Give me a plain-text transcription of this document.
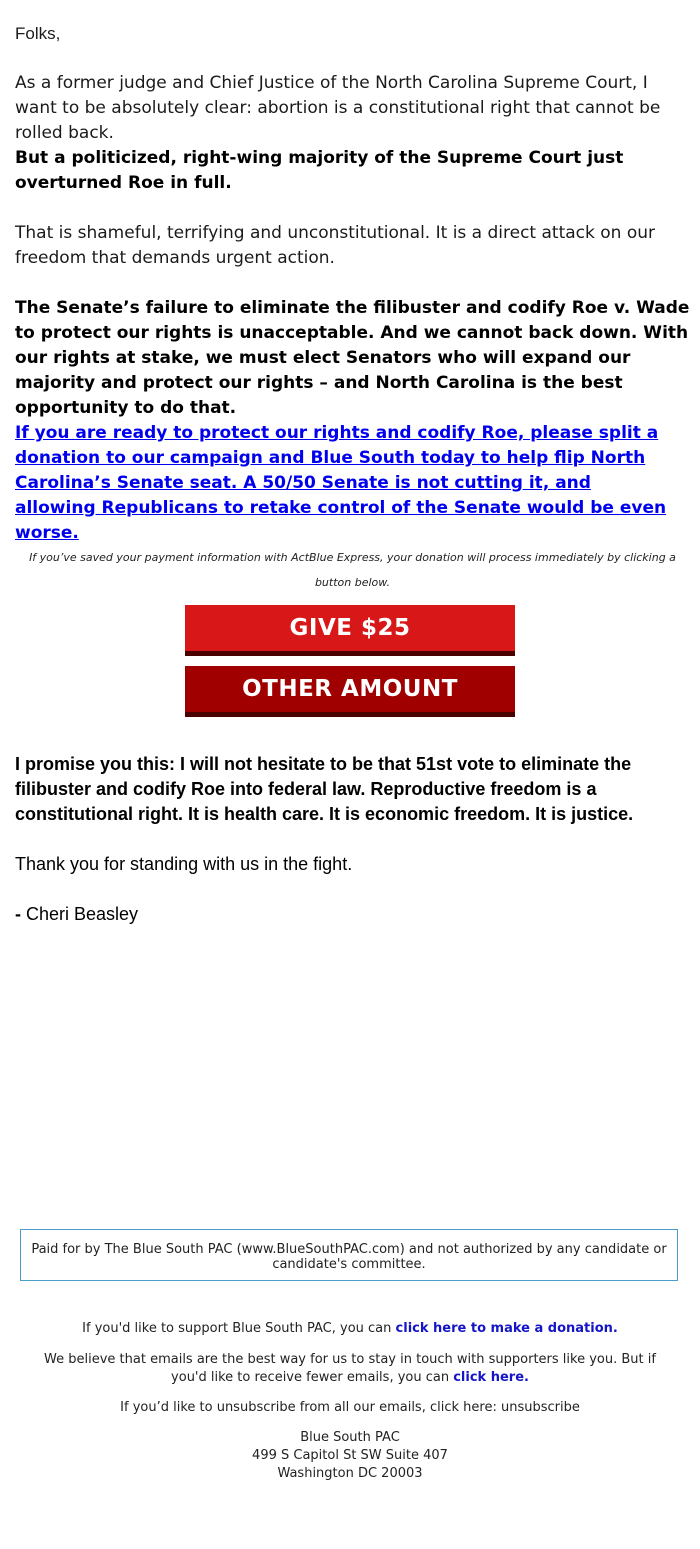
Folks,

As a former judge and Chief Justice of the North Carolina Supreme Court, I want to be absolutely clear: abortion is a constitutional right that cannot be rolled back.

But a politicized, right-wing majority of the Supreme Court just overturned Roe in full.

That is shameful, terrifying and unconstitutional. It is a direct attack on our freedom that demands urgent action.

The Senate’s failure to eliminate the filibuster and codify Roe v. Wade to protect our rights is unacceptable. And we cannot back down. With our rights at stake, we must elect Senators who will expand our majority and protect our rights – and North Carolina is the best opportunity to do that.

If you are ready to protect our rights and codify Roe, please split a donation to our campaign and Blue South today to help flip North Carolina’s Senate seat. A 50/50 Senate is not cutting it, and allowing Republicans to retake control of the Senate would be even worse.

I promise you this: I will not hesitate to be that 51st vote to eliminate the filibuster and codify Roe into federal law. Reproductive freedom is a constitutional right. It is health care. It is economic freedom. It is justice.

Thank you for standing with us in the fight.

- Cheri Beasley

If you’ve saved your payment information with ActBlue Express, your donation will process immediately by clicking a button below.
GIVE $25
OTHER AMOUNT
Paid for by The Blue South PAC (www.BlueSouthPAC.com) and not authorized by any candidate or candidate's committee.
If you'd like to support Blue South PAC, you can click here to make a donation.
We believe that emails are the best way for us to stay in touch with supporters like you. But if you'd like to receive fewer emails, you can click here.
If you’d like to unsubscribe from all our emails, click here: unsubscribe
Blue South PAC
499 S Capitol St SW Suite 407
Washington DC 20003
